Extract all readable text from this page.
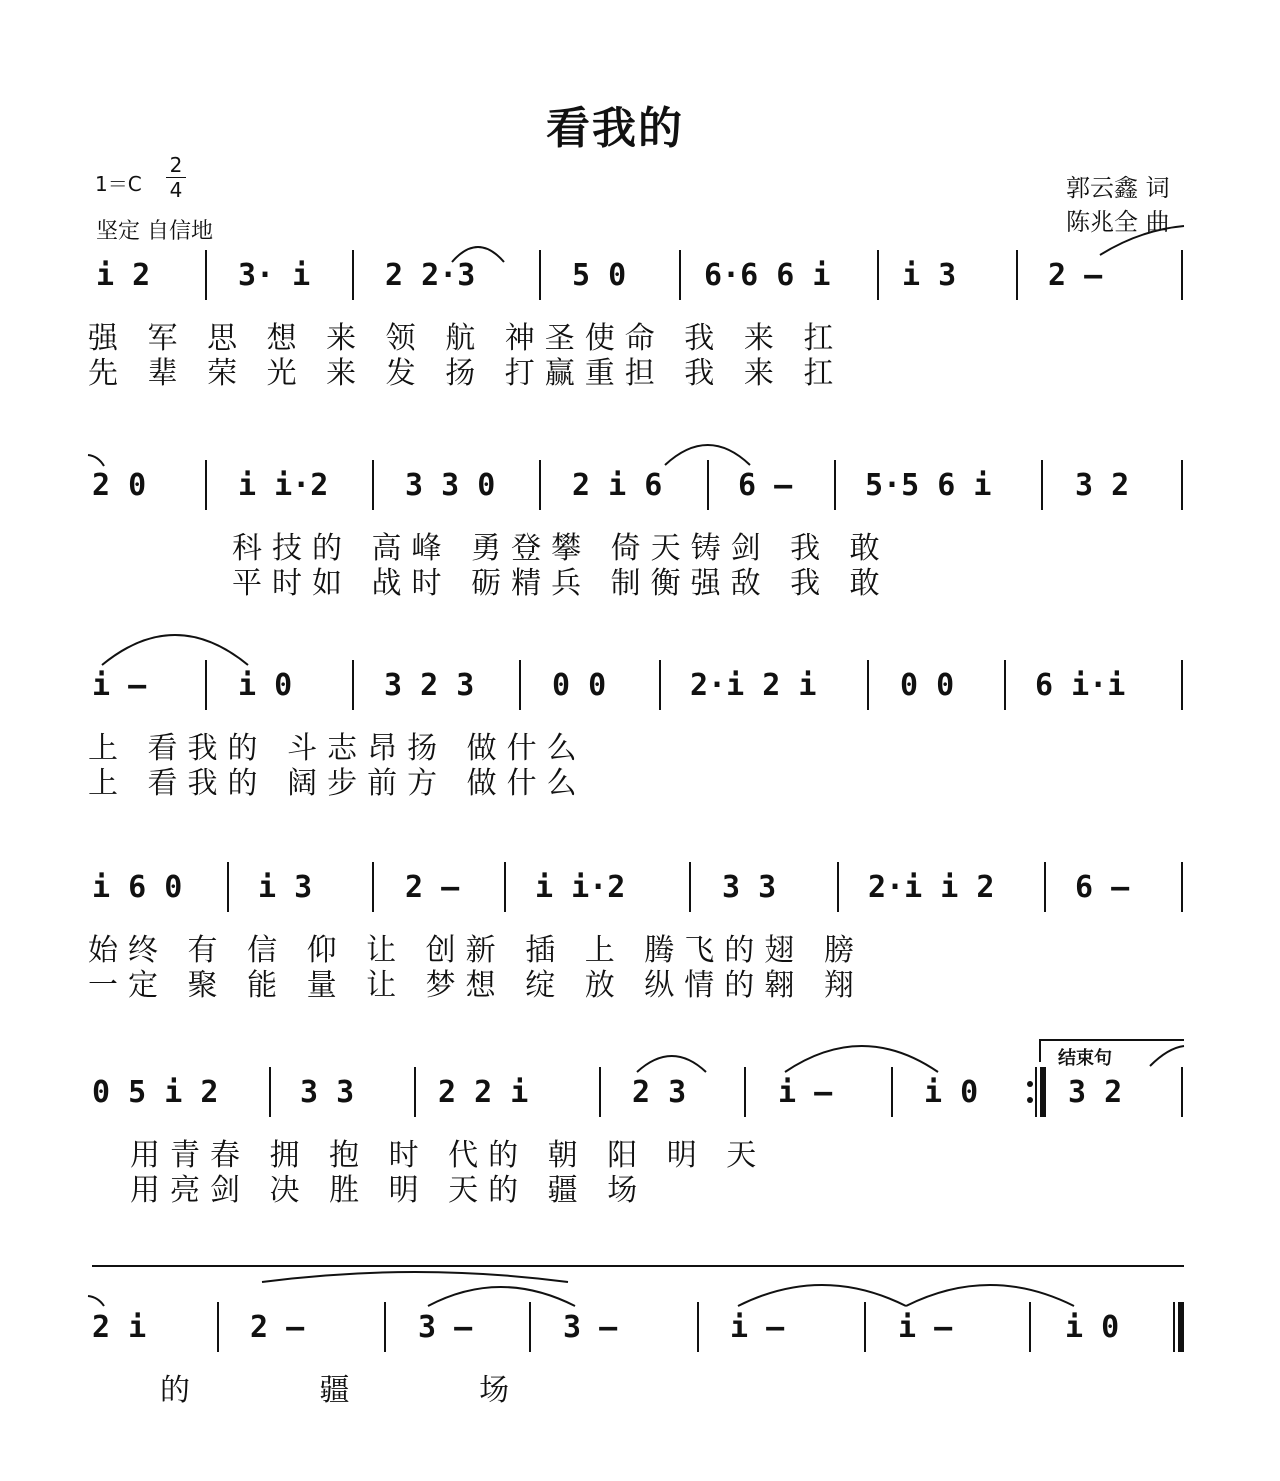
看我的
$1=C \frac{2}{4}$
坚定 自信地
郭云鑫 词
陈兆全 曲
i 2	3· i 2 2·3	5 0	6·6 6 i i 3	2 –
强 军 思 想 来 领 航 神圣使命 我 来 扛
先 辈 荣 光 来 发 扬 打赢重担 我 来 扛
2 0	i i·2	3 3 0	2 i 6	6 – 5·5 6 i	3 2
科技的 高峰 勇登攀 倚天铸剑 我 敢
平时如 战时 砺精兵 制衡强敌 我 敢
i –	i 0	3 2 3	0 0	2·i 2 i	0 0	6 i·i
上 看我的 斗志昂扬 做什么
上 看我的 阔步前方 做什么
i 6 0	i 3	2 –	i i·2	3 3	2·i i 2	6 –
始终 有 信 仰 让 创新 插 上 腾飞的翅 膀
一定 聚 能 量 让 梦想 绽 放 纵情的翱 翔
结束句
0 5 i 2	3 3	2 2 i	2 3	i –	i 0	3 2
用青春 拥 抱 时 代的 朝 阳 明 天
用亮剑 决 胜 明 天的 疆 场
2 i	2 –	3 –	3 –	i –	i –	i 0
的 疆 场
